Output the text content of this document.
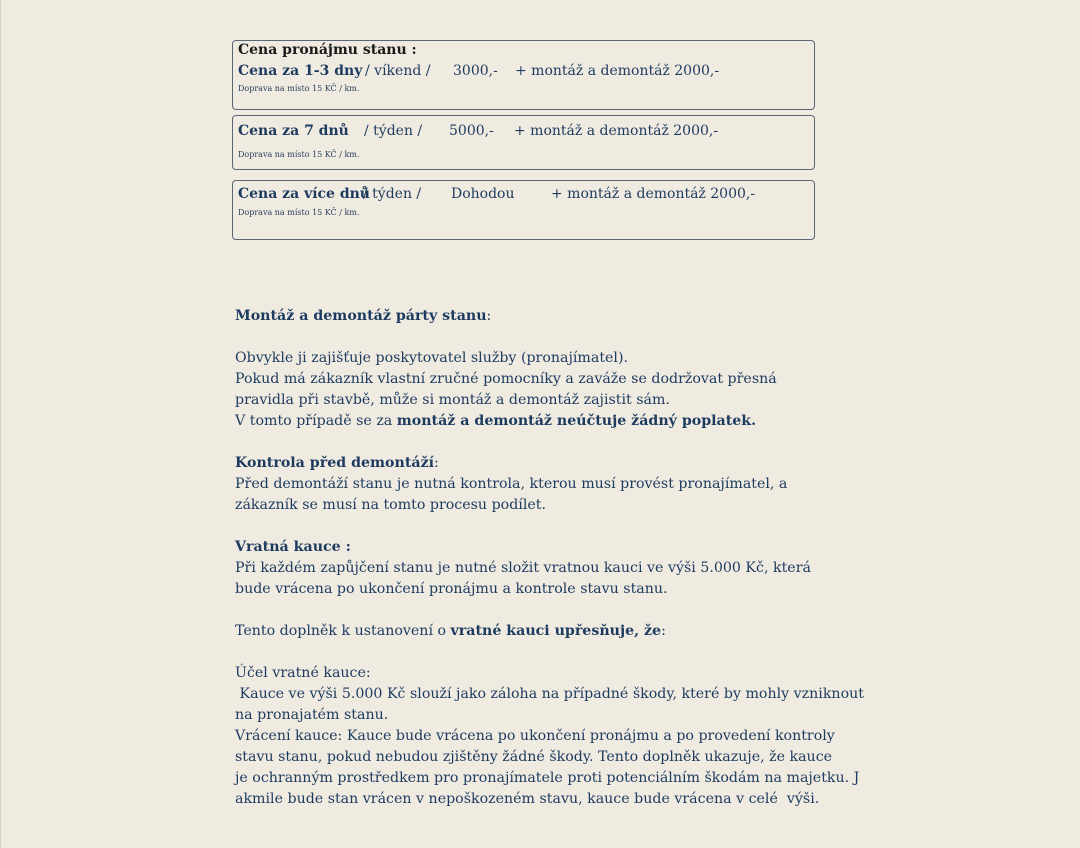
Cena pronájmu stanu :
Cena za 1-3 dny / víkend / 3000,- + montáž a demontáž 2000,-
Doprava na místo 15 KČ / km.
Cena za 7 dnů / týden / 5000,- + montáž a demontáž 2000,-
Doprava na místo 15 KČ / km.
Cena za více dnů
/ týden / Dohodou	+ montáž a demontáž 2000,-
Doprava na místo 15 KČ / km.

Montáž a demontáž párty stanu:

Obvykle ji zajišťuje poskytovatel služby (pronajímatel).

Pokud má zákazník vlastní zručné pomocníky a zaváže se dodržovat přesná

pravidla při stavbě, může si montáž a demontáž zajistit sám.

V tomto případě se za montáž a demontáž neúčtuje žádný poplatek.

Kontrola před demontáží:

Před demontáží stanu je nutná kontrola, kterou musí provést pronajímatel, a

zákazník se musí na tomto procesu podílet.

Vratná kauce :

Při každém zapůjčení stanu je nutné složit vratnou kauci ve výši 5.000 Kč, která

bude vrácena po ukončení pronájmu a kontrole stavu stanu.

Tento doplněk k ustanovení o vratné kauci upřesňuje, že:

Účel vratné kauce:

Kauce ve výši 5.000 Kč slouží jako záloha na případné škody, které by mohly vzniknout

na pronajatém stanu.

Vrácení kauce: Kauce bude vrácena po ukončení pronájmu a po provedení kontroly

stavu stanu, pokud nebudou zjištěny žádné škody. Tento doplněk ukazuje, že kauce

je ochranným prostředkem pro pronajímatele proti potenciálním škodám na majetku. J

akmile bude stan vrácen v nepoškozeném stavu, kauce bude vrácena v celé  výši.
